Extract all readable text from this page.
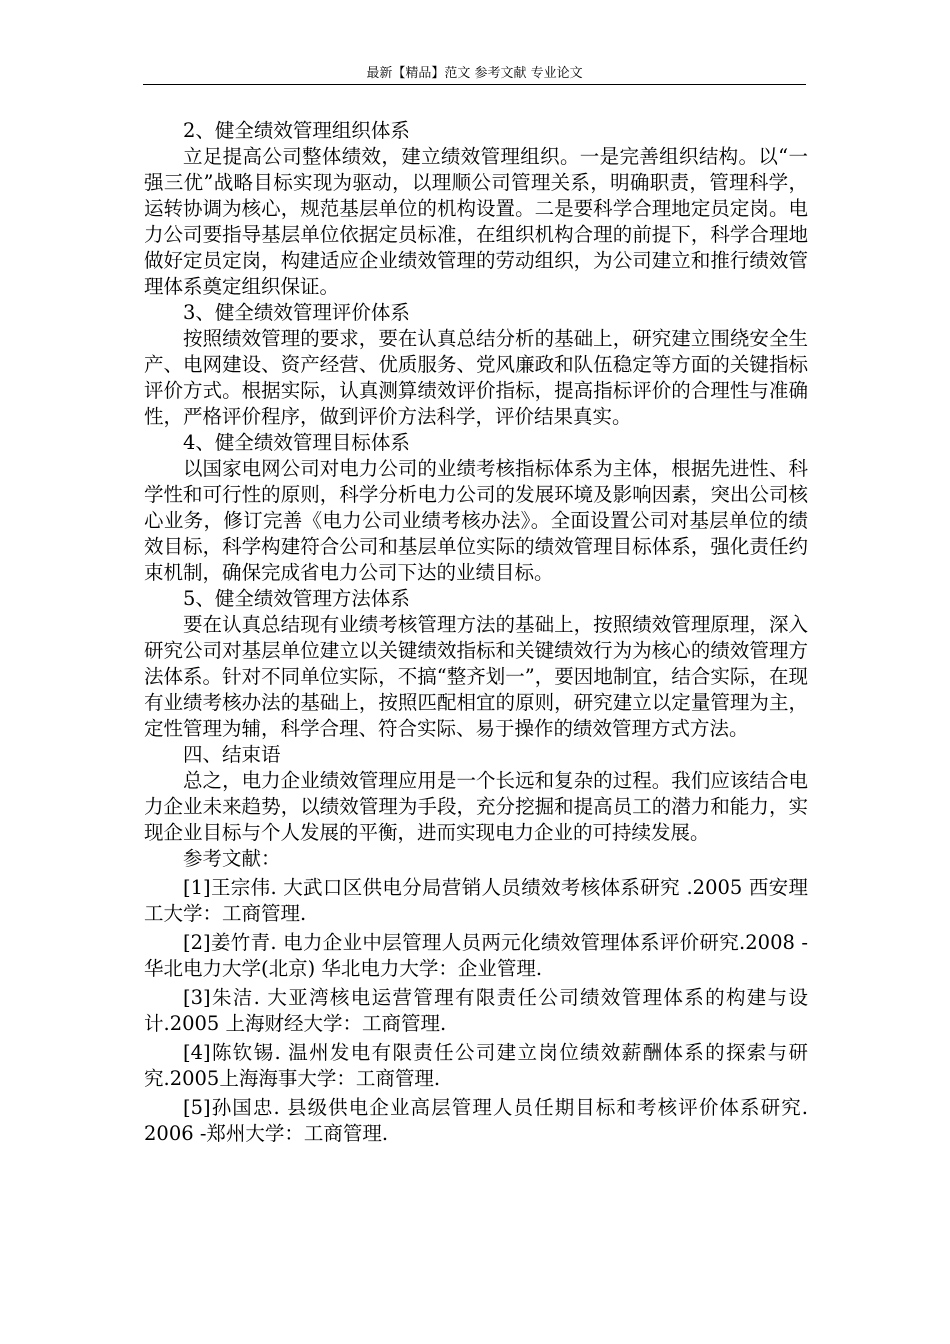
最新【精品】范文 参考文献 专业论文

2、健全绩效管理组织体系

立足提高公司整体绩效，建立绩效管理组织。一是完善组织结构。以“一强三优”战略目标实现为驱动，以理顺公司管理关系，明确职责，管理科学，运转协调为核心，规范基层单位的机构设置。二是要科学合理地定员定岗。电力公司要指导基层单位依据定员标准，在组织机构合理的前提下，科学合理地做好定员定岗，构建适应企业绩效管理的劳动组织，为公司建立和推行绩效管理体系奠定组织保证。

3、健全绩效管理评价体系

按照绩效管理的要求，要在认真总结分析的基础上，研究建立围绕安全生产、电网建设、资产经营、优质服务、党风廉政和队伍稳定等方面的关键指标评价方式。根据实际，认真测算绩效评价指标，提高指标评价的合理性与准确性，严格评价程序，做到评价方法科学，评价结果真实。

4、健全绩效管理目标体系

以国家电网公司对电力公司的业绩考核指标体系为主体，根据先进性、科学性和可行性的原则，科学分析电力公司的发展环境及影响因素，突出公司核心业务，修订完善《电力公司业绩考核办法》。全面设置公司对基层单位的绩效目标，科学构建符合公司和基层单位实际的绩效管理目标体系，强化责任约束机制，确保完成省电力公司下达的业绩目标。

5、健全绩效管理方法体系

要在认真总结现有业绩考核管理方法的基础上，按照绩效管理原理，深入研究公司对基层单位建立以关键绩效指标和关键绩效行为为核心的绩效管理方法体系。针对不同单位实际，不搞“整齐划一”，要因地制宜，结合实际，在现有业绩考核办法的基础上，按照匹配相宜的原则，研究建立以定量管理为主，定性管理为辅，科学合理、符合实际、易于操作的绩效管理方式方法。

四、结束语

总之，电力企业绩效管理应用是一个长远和复杂的过程。我们应该结合电力企业未来趋势，以绩效管理为手段，充分挖掘和提高员工的潜力和能力，实现企业目标与个人发展的平衡，进而实现电力企业的可持续发展。

参考文献：

[1]王宗伟. 大武口区供电分局营销人员绩效考核体系研究 .2005 西安理工大学：工商管理.

[2]姜竹青. 电力企业中层管理人员两元化绩效管理体系评价研究.2008 - 华北电力大学(北京) 华北电力大学：企业管理.

[3]朱洁. 大亚湾核电运营管理有限责任公司绩效管理体系的构建与设计.2005 上海财经大学：工商管理.

[4]陈钦锡. 温州发电有限责任公司建立岗位绩效薪酬体系的探索与研究.2005上海海事大学：工商管理.

[5]孙国忠. 县级供电企业高层管理人员任期目标和考核评价体系研究. 2006 -郑州大学：工商管理.
